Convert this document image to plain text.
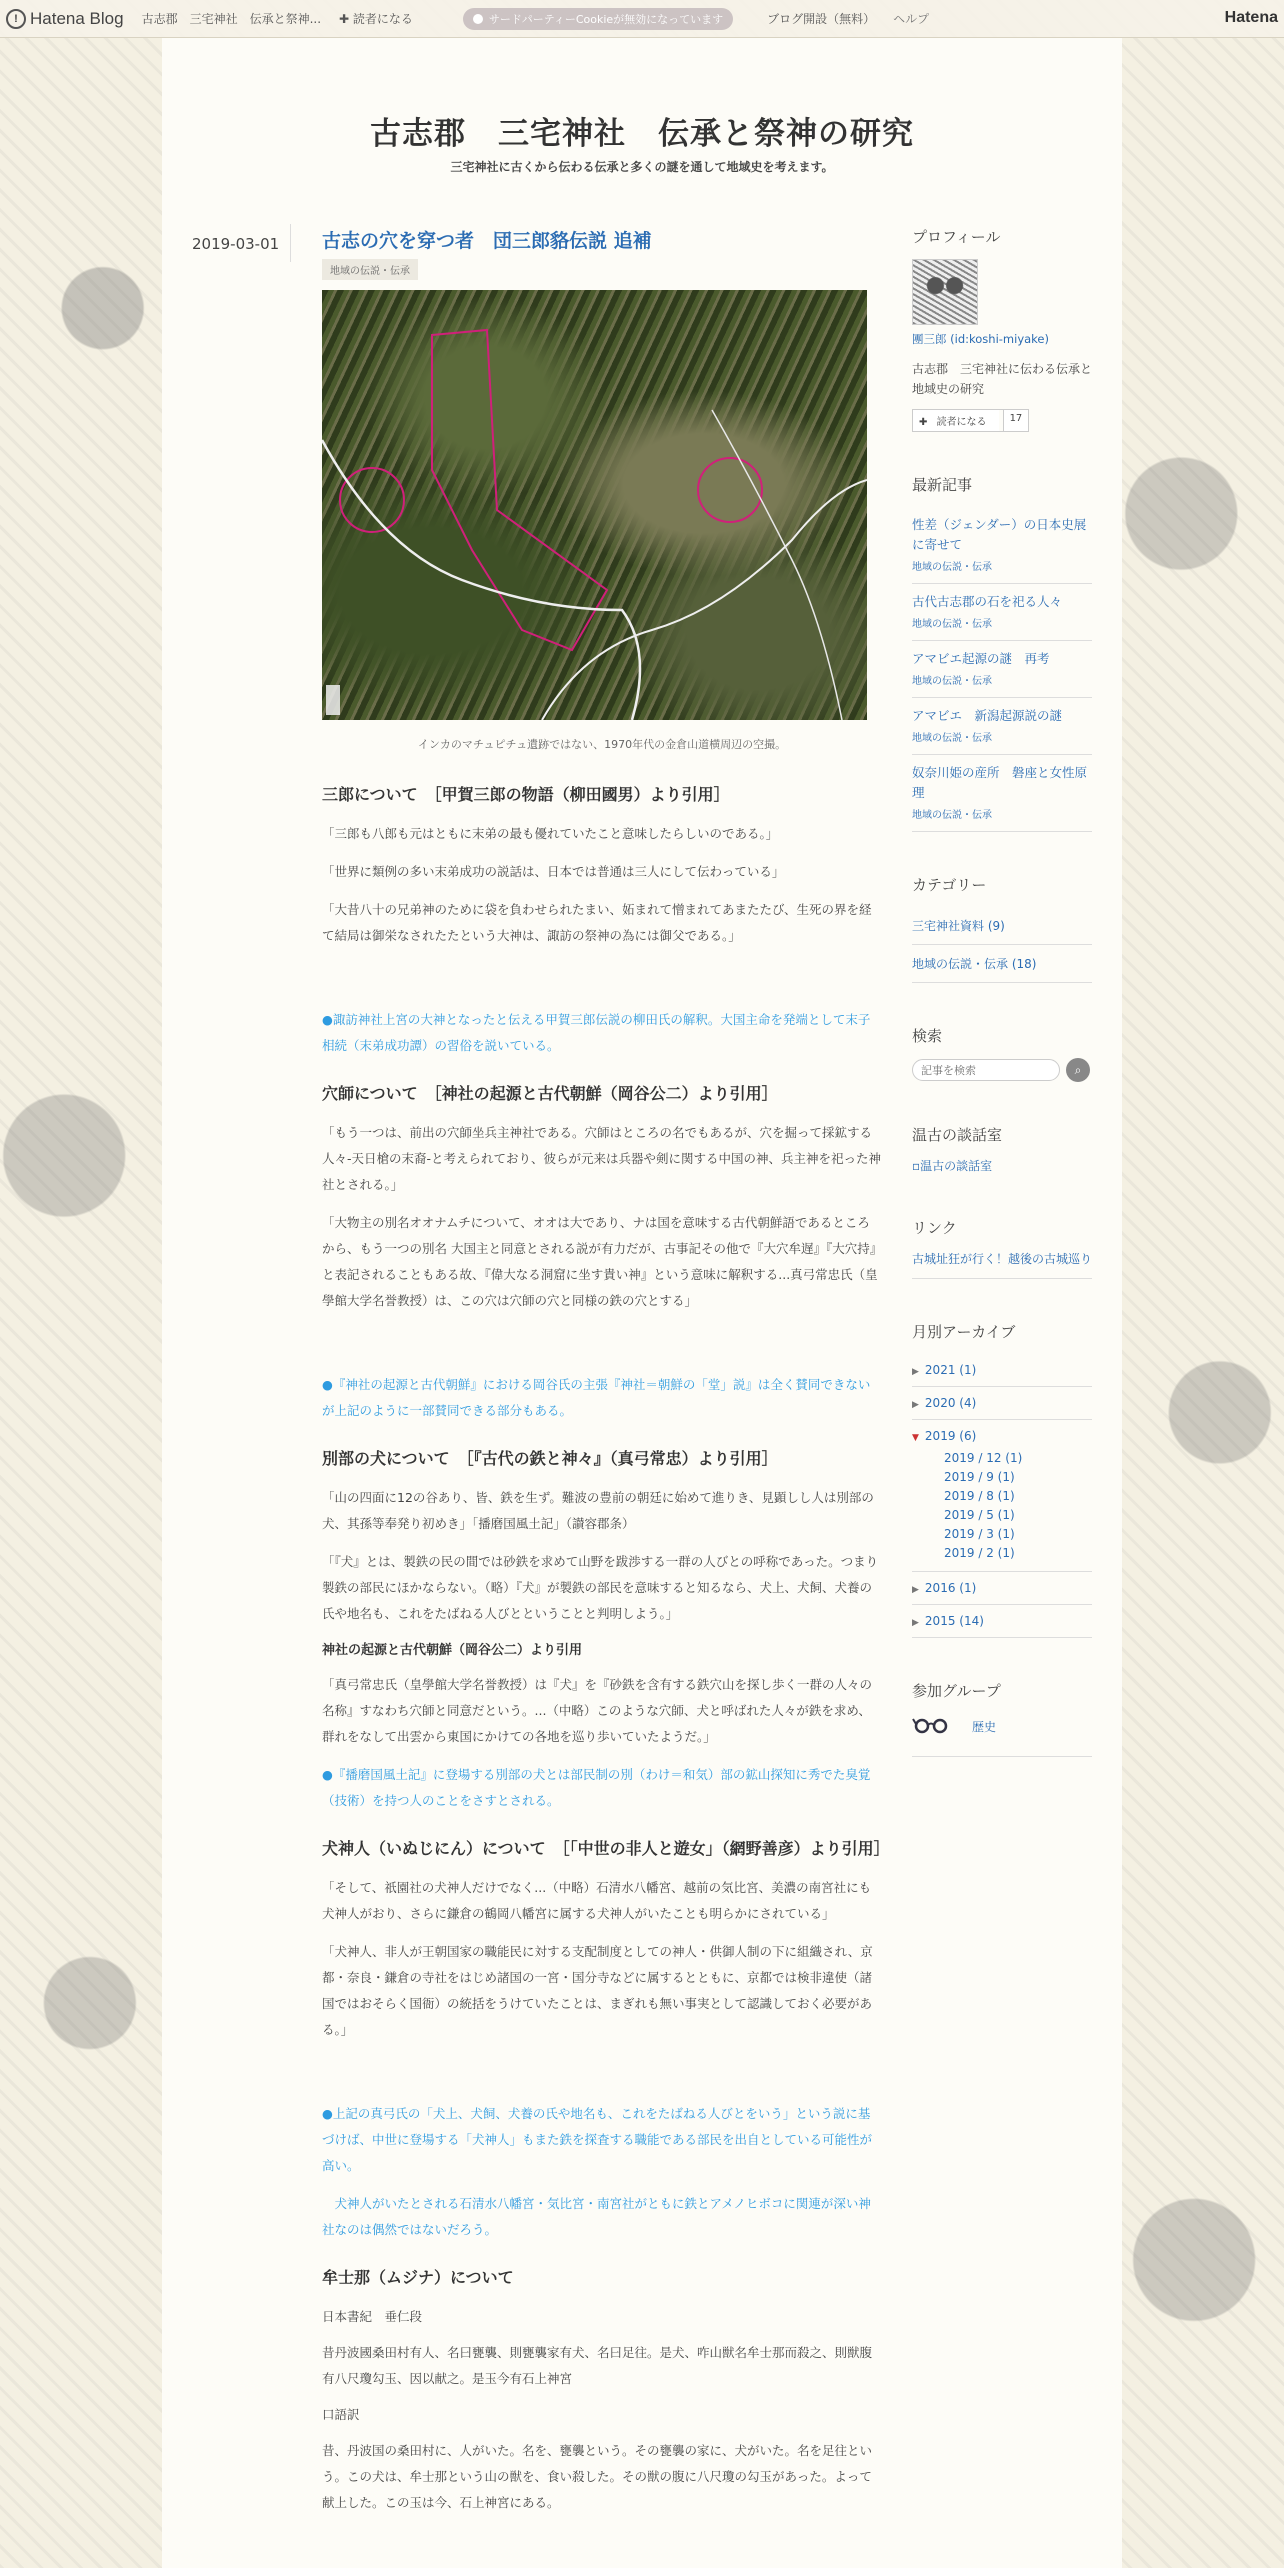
! Hatena Blog 古志郡　三宅神社　伝承と祭神... ✚ 読者になる	サードパーティーCookieが無効になっています	ブログ開設（無料） ヘルプ	Hatena
古志郡　三宅神社　伝承と祭神の研究

三宅神社に古くから伝わる伝承と多くの謎を通して地域史を考えます。

2019-03-01 古志の穴を穿つ者　団三郎貉伝説 追補
地域の伝説・伝承

インカのマチュピチュ遺跡ではない、1970年代の金倉山道横周辺の空撮。

三郎について　［甲賀三郎の物語（柳田國男）より引用］

「三郎も八郎も元はともに末弟の最も優れていたこと意味したらしいのである。」

「世界に類例の多い末弟成功の説話は、日本では普通は三人にして伝わっている」

「大昔八十の兄弟神のために袋を負わせられたまい、妬まれて憎まれてあまたたび、生死の界を経て結局は御栄なされたたという大神は、諏訪の祭神の為には御父である。」

●諏訪神社上宮の大神となったと伝える甲賀三郎伝説の柳田氏の解釈。大国主命を発端として末子相続（末弟成功譚）の習俗を説いている。

穴師について　［神社の起源と古代朝鮮（岡谷公二）より引用］

「もう一つは、前出の穴師坐兵主神社である。穴師はところの名でもあるが、穴を掘って採鉱する人々-天日槍の末裔-と考えられており、彼らが元来は兵器や剣に関する中国の神、兵主神を祀った神社とされる。」

「大物主の別名オオナムチについて、オオは大であり、ナは国を意味する古代朝鮮語であるところから、もう一つの別名 大国主と同意とされる説が有力だが、古事記その他で『大穴牟遅』『大穴持』と表記されることもある故、『偉大なる洞窟に坐す貴い神』という意味に解釈する...真弓常忠氏（皇學館大学名誉教授）は、この穴は穴師の穴と同様の鉄の穴とする」

●『神社の起源と古代朝鮮』における岡谷氏の主張『神社＝朝鮮の「堂」説』は全く賛同できないが上記のように一部賛同できる部分もある。

別部の犬について　［『古代の鉄と神々』（真弓常忠）より引用］

「山の四面に12の谷あり、皆、鉄を生ず。難波の豊前の朝廷に始めて進りき、見顕しし人は別部の犬、其孫等奉発り初めき」「播磨国風土記」（讃容郡条）

「『犬』とは、製鉄の民の間では砂鉄を求めて山野を跋渉する一群の人びとの呼称であった。つまり製鉄の部民にほかならない。（略）『犬』が製鉄の部民を意味すると知るなら、犬上、犬飼、犬養の氏や地名も、これをたばねる人びとということと判明しよう。」

神社の起源と古代朝鮮（岡谷公二）より引用

「真弓常忠氏（皇學館大学名誉教授）は『犬』を『砂鉄を含有する鉄穴山を探し歩く一群の人々の名称』すなわち穴師と同意だという。...（中略）このような穴師、犬と呼ばれた人々が鉄を求め、群れをなして出雲から東国にかけての各地を巡り歩いていたようだ。」

●『播磨国風土記』に登場する別部の犬とは部民制の別（わけ＝和気）部の鉱山探知に秀でた臭覚（技術）を持つ人のことをさすとされる。

犬神人（いぬじにん）について　［「中世の非人と遊女」（網野善彦）より引用］

「そして、祇園社の犬神人だけでなく...（中略）石清水八幡宮、越前の気比宮、美濃の南宮社にも犬神人がおり、さらに鎌倉の鶴岡八幡宮に属する犬神人がいたことも明らかにされている」

「犬神人、非人が王朝国家の職能民に対する支配制度としての神人・供御人制の下に組織され、京都・奈良・鎌倉の寺社をはじめ諸国の一宮・国分寺などに属するとともに、京都では検非違使（諸国ではおそらく国衙）の統括をうけていたことは、まぎれも無い事実として認識しておく必要がある。」

●上記の真弓氏の「犬上、犬飼、犬養の氏や地名も、これをたばねる人びとをいう」という説に基づけば、中世に登場する「犬神人」もまた鉄を探査する職能である部民を出自としている可能性が高い。

　犬神人がいたとされる石清水八幡宮・気比宮・南宮社がともに鉄とアメノヒボコに関連が深い神社なのは偶然ではないだろう。

牟士那（ムジナ）について

日本書紀　垂仁段

昔丹波國桑田村有人、名曰甕襲、則甕襲家有犬、名曰足往。是犬、咋山獣名牟士那而殺之、則獣腹有八尺瓊勾玉、因以献之。是玉今有石上神宮

口語訳

昔、丹波国の桑田村に、人がいた。名を、甕襲という。その甕襲の家に、犬がいた。名を足往という。この犬は、牟士那という山の獣を、食い殺した。その獣の腹に八尺瓊の勾玉があった。よって献上した。この玉は今、石上神宮にある。

プロフィール
團三郎 (id:koshi-miyake)
古志郡　三宅神社に伝わる伝承と地域史の研究
✚ 読者になる	17
最新記事
性差（ジェンダー）の日本史展に寄せて
地域の伝説・伝承
古代古志郡の石を祀る人々
地域の伝説・伝承
アマビエ起源の謎　再考
地域の伝説・伝承
アマビエ　新潟起源説の謎
地域の伝説・伝承
奴奈川姫の産所　磐座と女性原理
地域の伝説・伝承
カテゴリー
三宅神社資料 (9)
地域の伝説・伝承 (18)
検索
記事を検索
⌕
温古の談話室
▫温古の談話室
リンク
古城址狂が行く！越後の古城巡り
月別アーカイブ
▶ 2021 (1)
▶ 2020 (4)
▼ 2019 (6)
2019 / 12 (1)
2019 / 9 (1)
2019 / 8 (1)
2019 / 5 (1)
2019 / 3 (1)
2019 / 2 (1)
▶ 2016 (1)
▶ 2015 (14)
参加グループ
歴史
